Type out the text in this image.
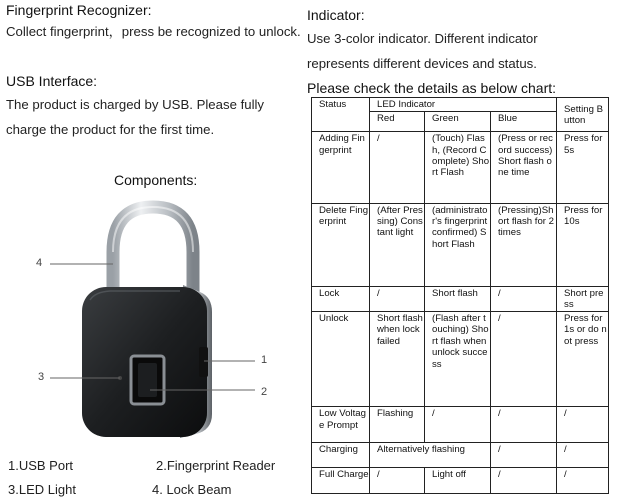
Fingerprint Recognizer:
Collect fingerprint，press be recognized to unlock.
USB Interface:
The product is charged by USB. Please fully
charge the product for the first time.
Components:
4
3
1
2
1.USB Port	2.Fingerprint Reader
3.LED Light	4. Lock Beam
Indicator:
Use 3-color indicator. Different indicator
represents different devices and status.
Please check the details as below chart:
Status	LED Indicator			Setting Button
	Red	Green	Blue	
Adding Fingerprint	/	(Touch) Flash, (Record Complete) Short Flash	(Press or record success) Short flash one time	Press for 5s
Delete Fingerprint	(After Pressing) Constant light	(administrator's fingerprint confirmed) Short Flash	(Pressing)Short flash for 2 times	Press for 10s
Lock	/	Short flash	/	Short press
Unlock	Short flash when lock failed	(Flash after touching) Short flash when unlock success	/	Press for 1s or do not press
Low Voltage Prompt	Flashing	/	/	/
Charging	Alternatively flashing		/	/
Full Charge	/	Light off	/	/
